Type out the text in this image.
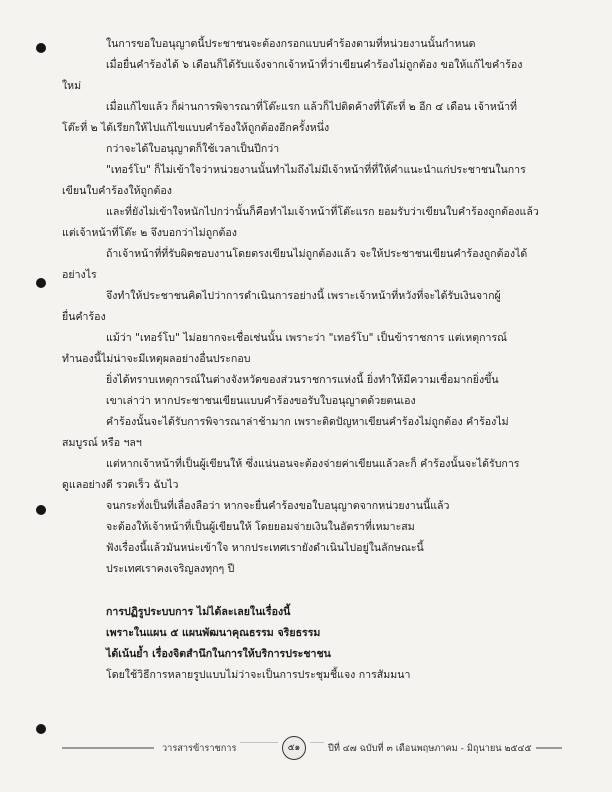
ในการขอใบอนุญาตนี้ประชาชนจะต้องกรอกแบบคำร้องตามที่หน่วยงานนั้นกำหนด
เมื่อยื่นคำร้องได้ ๖ เดือนก็ได้รับแจ้งจากเจ้าหน้าที่ว่าเขียนคำร้องไม่ถูกต้อง ขอให้แก้ไขคำร้อง
ใหม่
เมื่อแก้ไขแล้ว ก็ผ่านการพิจารณาที่โต๊ะแรก แล้วก็ไปติดค้างที่โต๊ะที่ ๒ อีก ๔ เดือน เจ้าหน้าที่
โต๊ะที่ ๒ ได้เรียกให้ไปแก้ไขแบบคำร้องให้ถูกต้องอีกครั้งหนึ่ง
กว่าจะได้ใบอนุญาตก็ใช้เวลาเป็นปีกว่า
"เทอร์โบ" ก็ไม่เข้าใจว่าหน่วยงานนั้นทำไมถึงไม่มีเจ้าหน้าที่ที่ให้คำแนะนำแก่ประชาชนในการ
เขียนใบคำร้องให้ถูกต้อง
และที่ยังไม่เข้าใจหนักไปกว่านั้นก็คือทำไมเจ้าหน้าที่โต๊ะแรก ยอมรับว่าเขียนใบคำร้องถูกต้องแล้ว
แต่เจ้าหน้าที่โต๊ะ ๒ จึงบอกว่าไม่ถูกต้อง
ถ้าเจ้าหน้าที่ที่รับผิดชอบงานโดยตรงเขียนไม่ถูกต้องแล้ว จะให้ประชาชนเขียนคำร้องถูกต้องได้
อย่างไร
จึงทำให้ประชาชนคิดไปว่าการดำเนินการอย่างนี้ เพราะเจ้าหน้าที่หวังที่จะได้รับเงินจากผู้
ยื่นคำร้อง
แม้ว่า "เทอร์โบ" ไม่อยากจะเชื่อเช่นนั้น เพราะว่า "เทอร์โบ" เป็นข้าราชการ แต่เหตุการณ์
ทำนองนี้ไม่น่าจะมีเหตุผลอย่างอื่นประกอบ
ยิ่งได้ทราบเหตุการณ์ในต่างจังหวัดของส่วนราชการแห่งนี้ ยิ่งทำให้มีความเชื่อมากยิ่งขึ้น
เขาเล่าว่า หากประชาชนเขียนแบบคำร้องขอรับใบอนุญาตด้วยตนเอง
คำร้องนั้นจะได้รับการพิจารณาล่าช้ามาก เพราะติดปัญหาเขียนคำร้องไม่ถูกต้อง คำร้องไม่
สมบูรณ์ หรือ ฯลฯ
แต่หากเจ้าหน้าที่เป็นผู้เขียนให้ ซึ่งแน่นอนจะต้องจ่ายค่าเขียนแล้วละก็ คำร้องนั้นจะได้รับการ
ดูแลอย่างดี รวดเร็ว ฉับไว
จนกระทั่งเป็นที่เลื่องลือว่า หากจะยื่นคำร้องขอใบอนุญาตจากหน่วยงานนี้แล้ว
จะต้องให้เจ้าหน้าที่เป็นผู้เขียนให้ โดยยอมจ่ายเงินในอัตราที่เหมาะสม
ฟังเรื่องนี้แล้วมันหน่ะเข้าใจ หากประเทศเรายังดำเนินไปอยู่ในลักษณะนี้
ประเทศเราคงเจริญลงทุกๆ ปี
การปฏิรูประบบการ ไม่ได้ละเลยในเรื่องนี้
เพราะในแผน ๕ แผนพัฒนาคุณธรรม จริยธรรม
ได้เน้นย้ำ เรื่องจิตสำนึกในการให้บริการประชาชน
โดยใช้วิธีการหลายรูปแบบไม่ว่าจะเป็นการประชุมชี้แจง การสัมมนา
วารสารข้าราชการ	๕๑	ปีที่ ๔๗ ฉบับที่ ๓ เดือนพฤษภาคม - มิถุนายน ๒๕๔๕
